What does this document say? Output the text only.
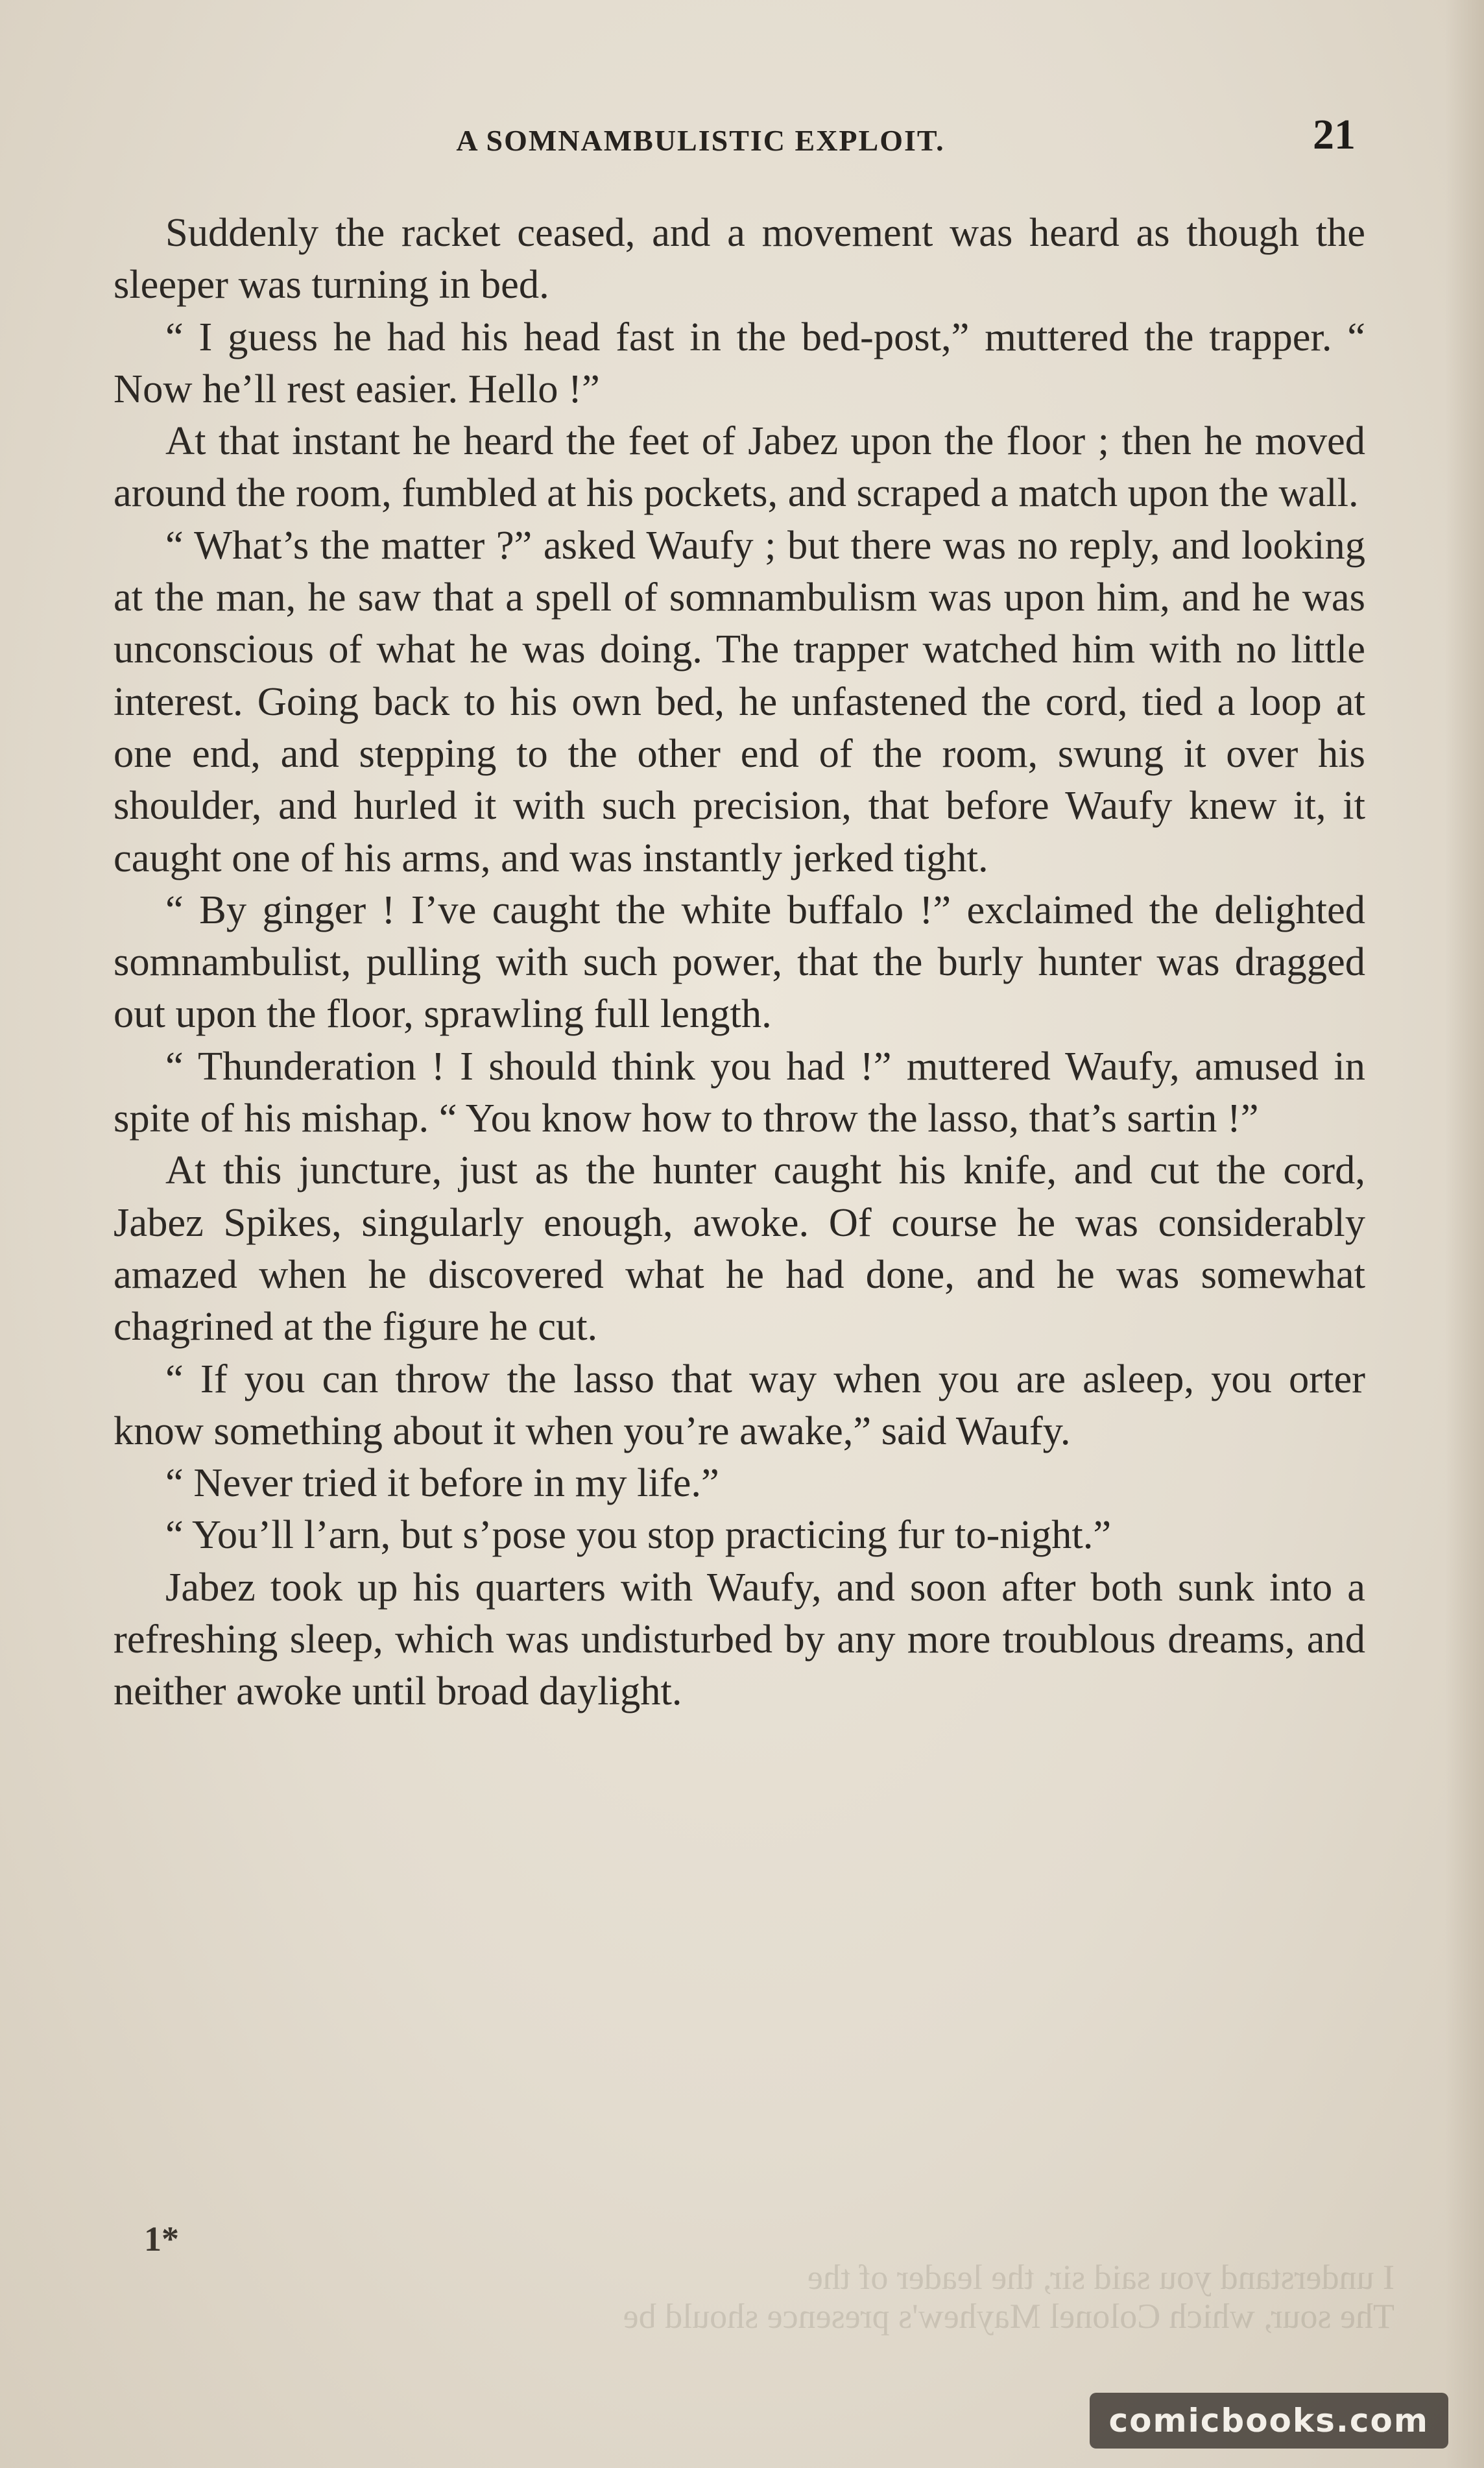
A SOMNAMBULISTIC EXPLOIT.	21

Suddenly the racket ceased, and a movement was heard as though the sleeper was turning in bed.

“ I guess he had his head fast in the bed-post,” muttered the trapper. “ Now he’ll rest easier. Hello !”

At that instant he heard the feet of Jabez upon the floor ; then he moved around the room, fumbled at his pockets, and scraped a match upon the wall.

“ What’s the matter ?” asked Waufy ; but there was no reply, and looking at the man, he saw that a spell of somnambulism was upon him, and he was unconscious of what he was doing. The trapper watched him with no little interest. Going back to his own bed, he unfastened the cord, tied a loop at one end, and stepping to the other end of the room, swung it over his shoulder, and hurled it with such precision, that before Waufy knew it, it caught one of his arms, and was instantly jerked tight.

“ By ginger ! I’ve caught the white buffalo !” exclaimed the delighted somnambulist, pulling with such power, that the burly hunter was dragged out upon the floor, sprawling full length.

“ Thunderation ! I should think you had !” muttered Waufy, amused in spite of his mishap. “ You know how to throw the lasso, that’s sartin !”

At this juncture, just as the hunter caught his knife, and cut the cord, Jabez Spikes, singularly enough, awoke. Of course he was considerably amazed when he discovered what he had done, and he was somewhat chagrined at the figure he cut.

“ If you can throw the lasso that way when you are asleep, you orter know something about it when you’re awake,” said Waufy.

“ Never tried it before in my life.”

“ You’ll l’arn, but s’pose you stop practicing fur to-night.”

Jabez took up his quarters with Waufy, and soon after both sunk into a refreshing sleep, which was undisturbed by any more troublous dreams, and neither awoke until broad daylight.

1*
I understand you said sir, the leader of the
The sour, which Colonel Mayhew's presence should be
comicbooks.com
